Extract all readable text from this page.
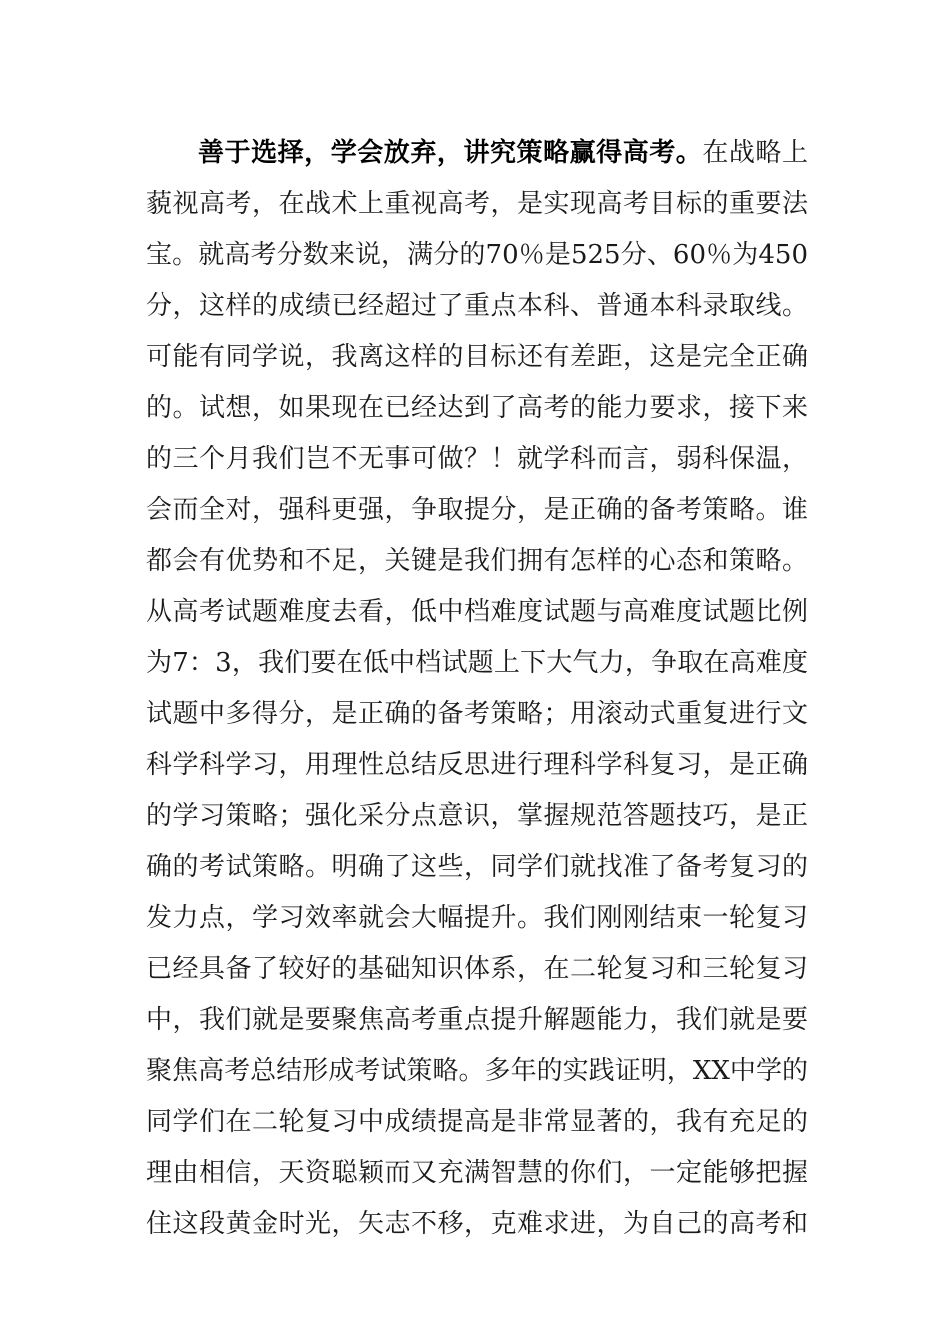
善于选择，学会放弃，讲究策略赢得高考。在战略上
藐视高考，在战术上重视高考，是实现高考目标的重要法
宝。就高考分数来说，满分的70％是525分、60％为450
分，这样的成绩已经超过了重点本科、普通本科录取线。
可能有同学说，我离这样的目标还有差距，这是完全正确
的。试想，如果现在已经达到了高考的能力要求，接下来
的三个月我们岂不无事可做？！就学科而言，弱科保温，
会而全对，强科更强，争取提分，是正确的备考策略。谁
都会有优势和不足，关键是我们拥有怎样的心态和策略。
从高考试题难度去看，低中档难度试题与高难度试题比例
为7：3，我们要在低中档试题上下大气力，争取在高难度
试题中多得分，是正确的备考策略；用滚动式重复进行文
科学科学习，用理性总结反思进行理科学科复习，是正确
的学习策略；强化采分点意识，掌握规范答题技巧，是正
确的考试策略。明确了这些，同学们就找准了备考复习的
发力点，学习效率就会大幅提升。我们刚刚结束一轮复习
已经具备了较好的基础知识体系，在二轮复习和三轮复习
中，我们就是要聚焦高考重点提升解题能力，我们就是要
聚焦高考总结形成考试策略。多年的实践证明，XX中学的
同学们在二轮复习中成绩提高是非常显著的，我有充足的
理由相信，天资聪颖而又充满智慧的你们，一定能够把握
住这段黄金时光，矢志不移，克难求进，为自己的高考和
